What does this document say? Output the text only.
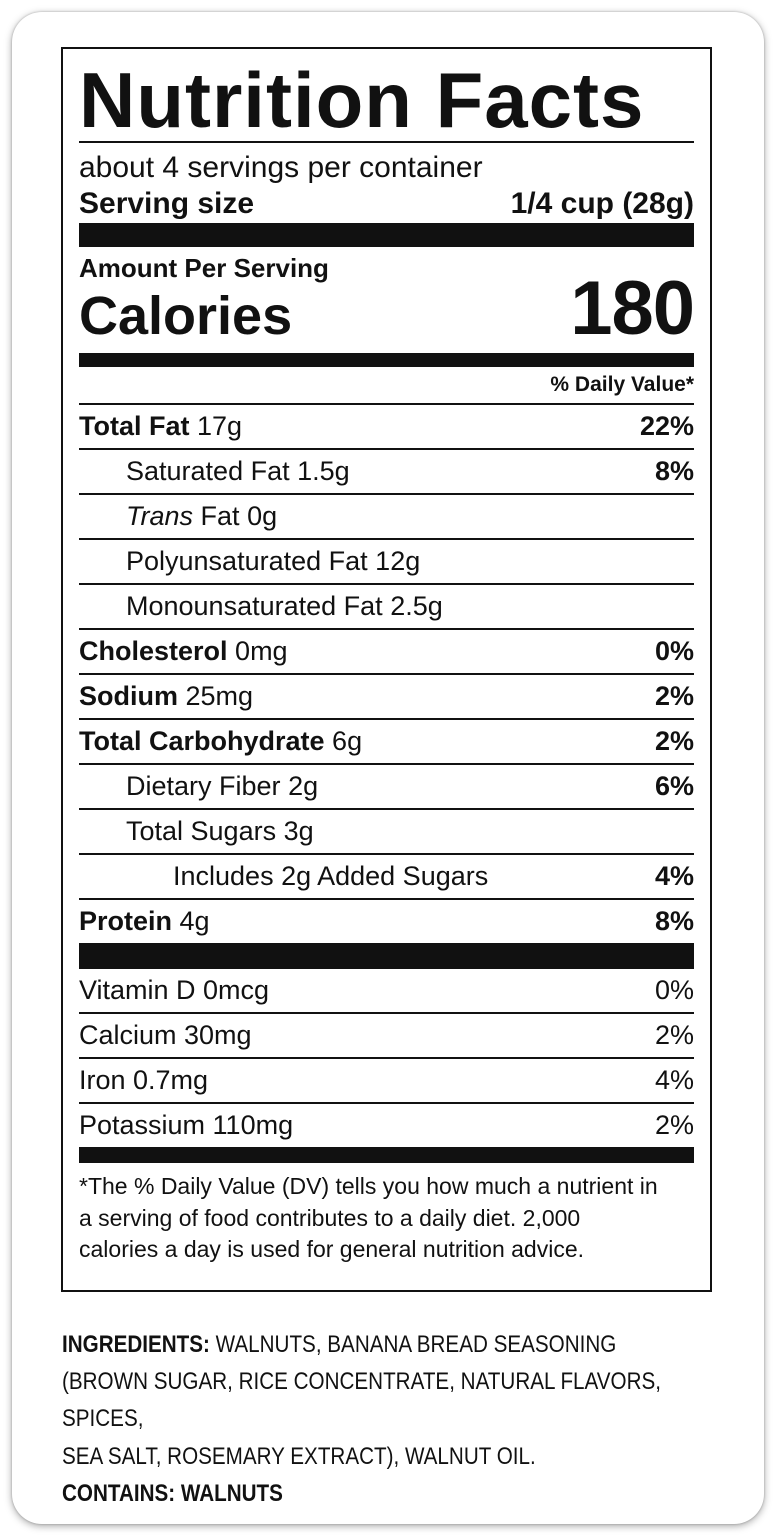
Nutrition Facts
about 4 servings per container
Serving size	1/4 cup (28g)
Amount Per Serving
Calories	180
% Daily Value*
Total Fat 17g	22%
Saturated Fat 1.5g	8%
Trans Fat 0g
Polyunsaturated Fat 12g
Monounsaturated Fat 2.5g
Cholesterol 0mg	0%
Sodium 25mg	2%
Total Carbohydrate 6g	2%
Dietary Fiber 2g	6%
Total Sugars 3g
Includes 2g Added Sugars	4%
Protein 4g	8%
Vitamin D 0mcg	0%
Calcium 30mg	2%
Iron 0.7mg	4%
Potassium 110mg	2%
*The % Daily Value (DV) tells you how much a nutrient in
a serving of food contributes to a daily diet. 2,000
calories a day is used for general nutrition advice.
INGREDIENTS: WALNUTS, BANANA BREAD SEASONING
(BROWN SUGAR, RICE CONCENTRATE, NATURAL FLAVORS, SPICES,
SEA SALT, ROSEMARY EXTRACT), WALNUT OIL.
CONTAINS: WALNUTS
